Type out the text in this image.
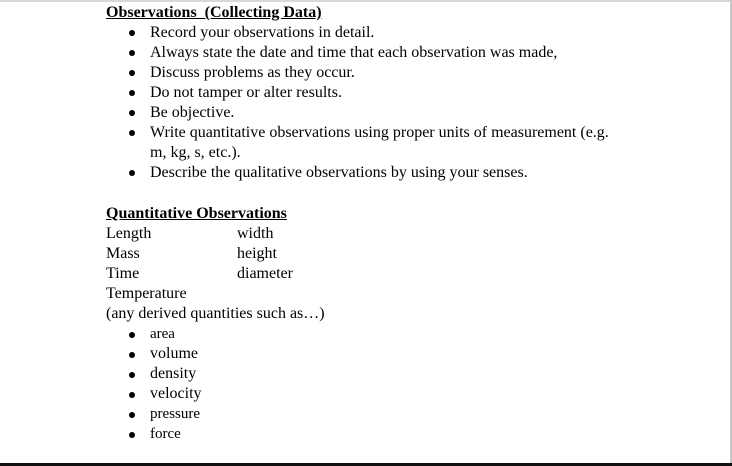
Observations  (Collecting Data)
Record your observations in detail.
Always state the date and time that each observation was made,
Discuss problems as they occur.
Do not tamper or alter results.
Be objective.
Write quantitative observations using proper units of measurement (e.g. m, kg, s, etc.).
Describe the qualitative observations by using your senses.
Quantitative Observations
Length	width
Mass	height
Time	diameter
Temperature
(any derived quantities such as…)
area
volume
density
velocity
pressure
force
